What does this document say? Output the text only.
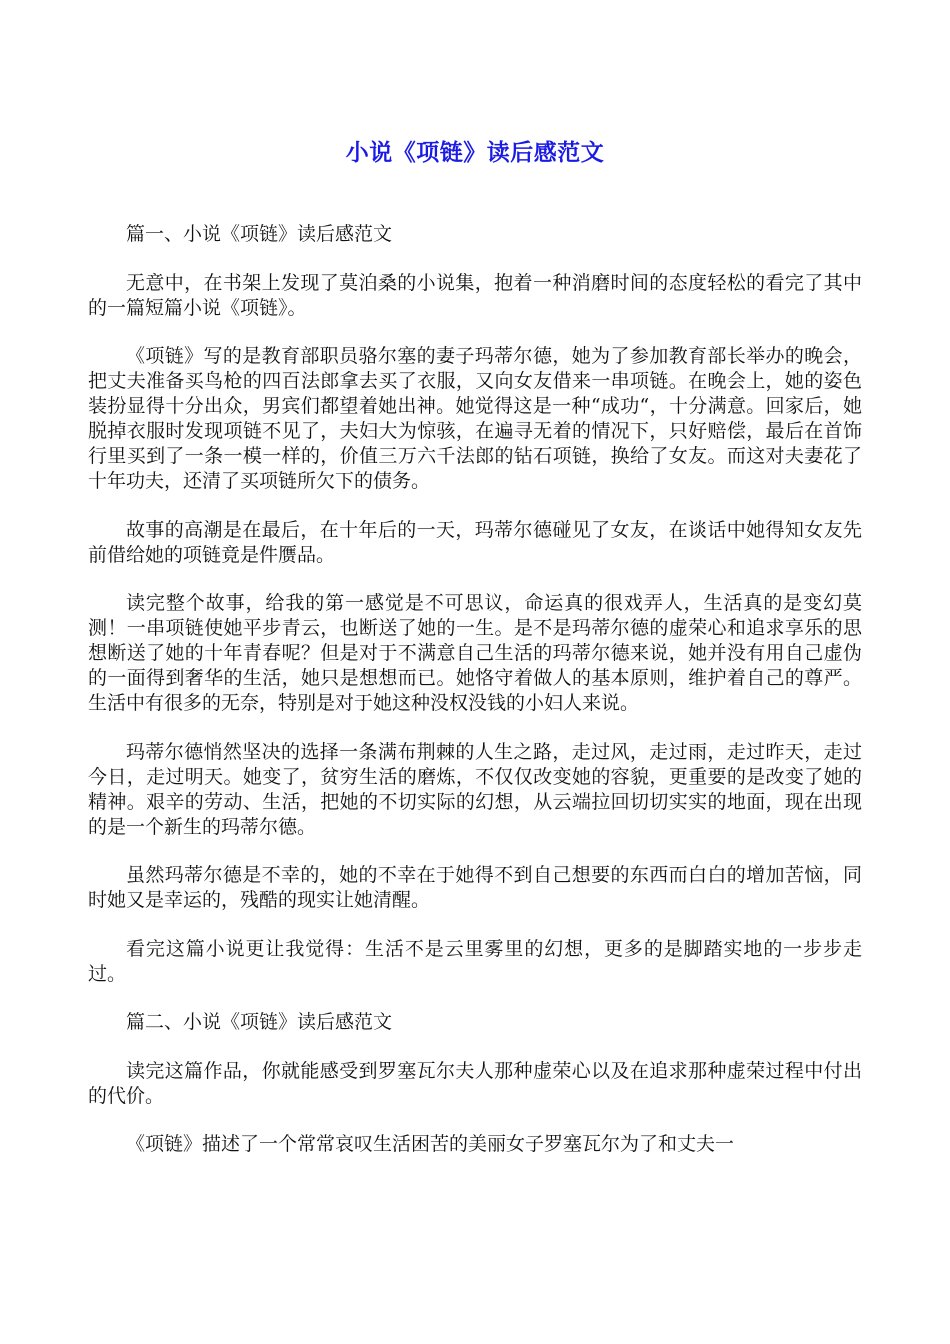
小说《项链》读后感范文

篇一、小说《项链》读后感范文

无意中，在书架上发现了莫泊桑的小说集，抱着一种消磨时间的态度轻松的看完了其中的一篇短篇小说《项链》。

《项链》写的是教育部职员骆尔塞的妻子玛蒂尔德，她为了参加教育部长举办的晚会，把丈夫准备买鸟枪的四百法郎拿去买了衣服，又向女友借来一串项链。在晚会上，她的姿色装扮显得十分出众，男宾们都望着她出神。她觉得这是一种“成功“，十分满意。回家后，她脱掉衣服时发现项链不见了，夫妇大为惊骇，在遍寻无着的情况下，只好赔偿，最后在首饰行里买到了一条一模一样的，价值三万六千法郎的钻石项链，换给了女友。而这对夫妻花了十年功夫，还清了买项链所欠下的债务。

故事的高潮是在最后，在十年后的一天，玛蒂尔德碰见了女友，在谈话中她得知女友先前借给她的项链竟是件赝品。

读完整个故事，给我的第一感觉是不可思议，命运真的很戏弄人，生活真的是变幻莫测！一串项链使她平步青云，也断送了她的一生。是不是玛蒂尔德的虚荣心和追求享乐的思想断送了她的十年青春呢？但是对于不满意自己生活的玛蒂尔德来说，她并没有用自己虚伪的一面得到奢华的生活，她只是想想而已。她恪守着做人的基本原则，维护着自己的尊严。生活中有很多的无奈，特别是对于她这种没权没钱的小妇人来说。

玛蒂尔德悄然坚决的选择一条满布荆棘的人生之路，走过风，走过雨，走过昨天，走过今日，走过明天。她变了，贫穷生活的磨炼，不仅仅改变她的容貌，更重要的是改变了她的精神。艰辛的劳动、生活，把她的不切实际的幻想，从云端拉回切切实实的地面，现在出现的是一个新生的玛蒂尔德。

虽然玛蒂尔德是不幸的，她的不幸在于她得不到自己想要的东西而白白的增加苦恼，同时她又是幸运的，残酷的现实让她清醒。

看完这篇小说更让我觉得：生活不是云里雾里的幻想，更多的是脚踏实地的一步步走过。

篇二、小说《项链》读后感范文

读完这篇作品，你就能感受到罗塞瓦尔夫人那种虚荣心以及在追求那种虚荣过程中付出的代价。

《项链》描述了一个常常哀叹生活困苦的美丽女子罗塞瓦尔为了和丈夫一
